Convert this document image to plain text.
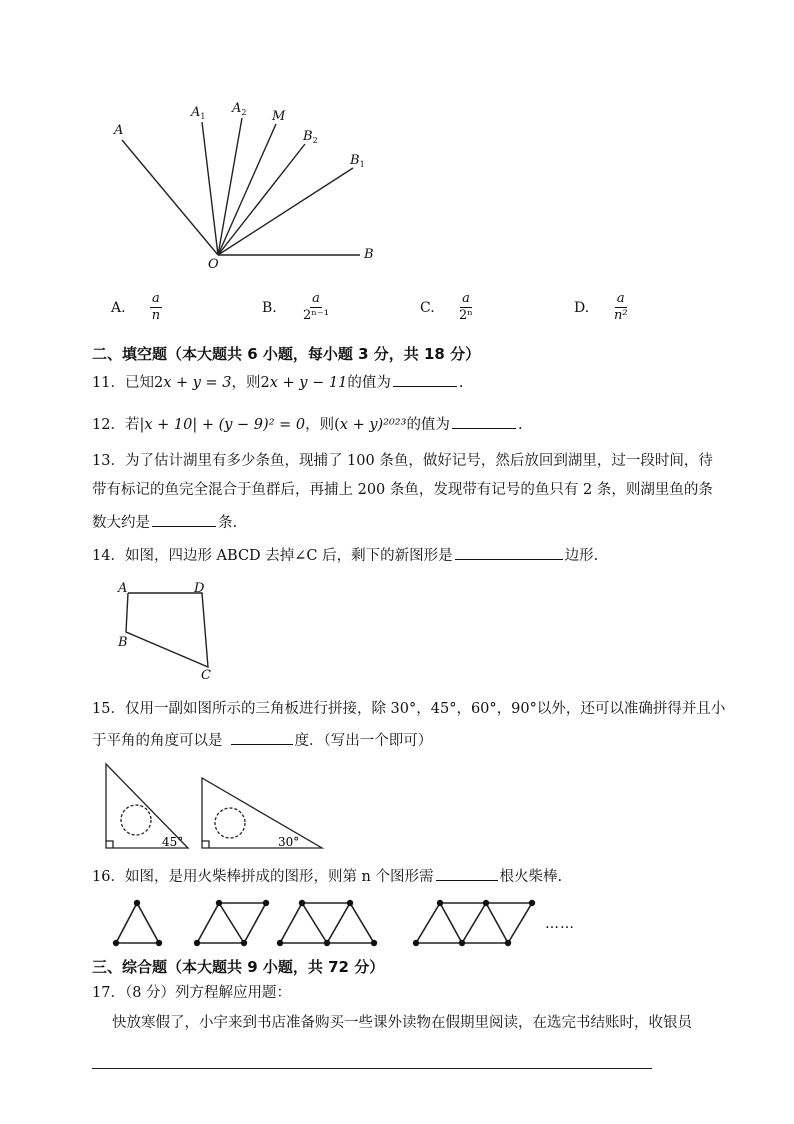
A
$A_1$
$A_2$ M
$B_2$
$B_1$
O
B
A. $\frac{a}{n}$	B. $\frac{a}{\text{2ⁿ⁻¹}}$	C. $\frac{a}{\text{2ⁿ}}$	D. $\frac{a}{\text{n²}}$
二、填空题（本大题共 6 小题，每小题 3 分，共 18 分）
11．已知2x + y = 3，则2x + y − 11的值为	.
12．若|x + 10| + (y − 9)² = 0，则(x + y)²⁰²³的值为	.
13．为了估计湖里有多少条鱼，现捕了 100 条鱼，做好记号，然后放回到湖里，过一段时间，待
带有标记的鱼完全混合于鱼群后，再捕上 200 条鱼，发现带有记号的鱼只有 2 条，则湖里鱼的条
数大约是	条.
14．如图，四边形 ABCD 去掉∠C 后，剩下的新图形是	边形.
A	D
B
C
15．仅用一副如图所示的三角板进行拼接，除 30°，45°，60°，90°以外，还可以准确拼得并且小
于平角的角度可以是	度．（写出一个即可）
45°	30°
16．如图，是用火柴棒拼成的图形，则第 n 个图形需	根火柴棒.
……
三、综合题（本大题共 9 小题，共 72 分）
17．（8 分）列方程解应用题：
快放寒假了，小宇来到书店准备购买一些课外读物在假期里阅读，在选完书结账时，收银员
